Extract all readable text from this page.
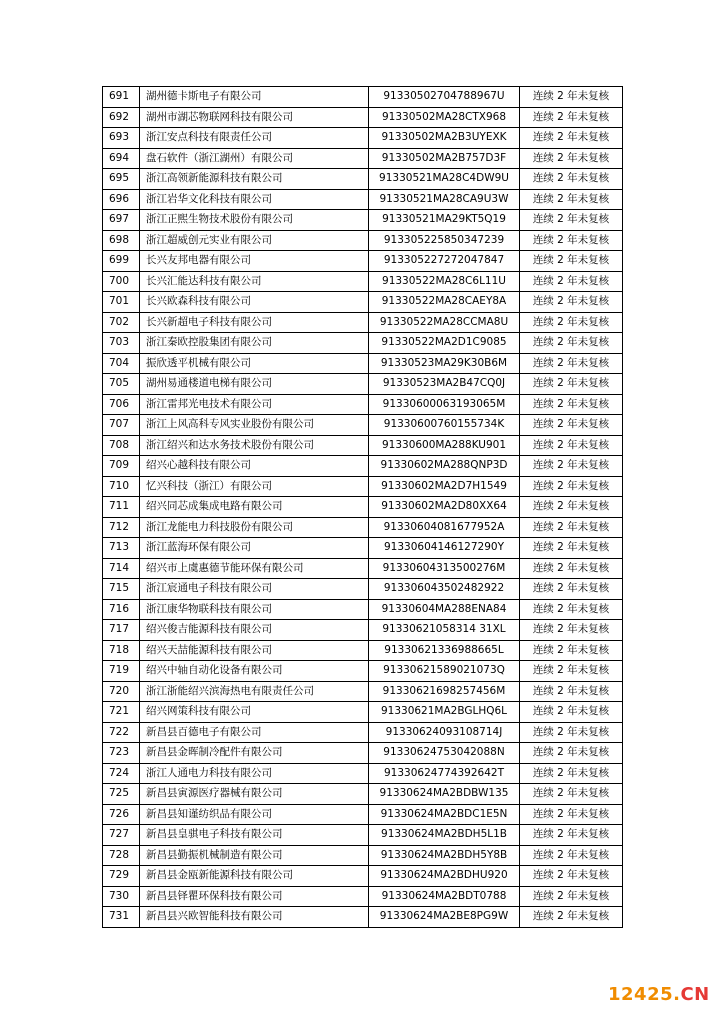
691	湖州德卡斯电子有限公司	91330502704788967U	连续 2 年未复核
692	湖州市湖芯物联网科技有限公司	91330502MA28CTX968	连续 2 年未复核
693	浙江安点科技有限责任公司	91330502MA2B3UYEXK	连续 2 年未复核
694	盘石软件（浙江湖州）有限公司	91330502MA2B757D3F	连续 2 年未复核
695	浙江高领新能源科技有限公司	91330521MA28C4DW9U	连续 2 年未复核
696	浙江岩华文化科技有限公司	91330521MA28CA9U3W	连续 2 年未复核
697	浙江正熙生物技术股份有限公司	91330521MA29KT5Q19	连续 2 年未复核
698	浙江超威创元实业有限公司	913305225850347239	连续 2 年未复核
699	长兴友邦电器有限公司	913305227272047847	连续 2 年未复核
700	长兴汇能达科技有限公司	91330522MA28C6L11U	连续 2 年未复核
701	长兴欧森科技有限公司	91330522MA28CAEY8A	连续 2 年未复核
702	长兴新超电子科技有限公司	91330522MA28CCMA8U	连续 2 年未复核
703	浙江秦欧控股集团有限公司	91330522MA2D1C9085	连续 2 年未复核
704	振欣透平机械有限公司	91330523MA29K30B6M	连续 2 年未复核
705	湖州易通楼道电梯有限公司	91330523MA2B47CQ0J	连续 2 年未复核
706	浙江雷邦光电技术有限公司	91330600063193065M	连续 2 年未复核
707	浙江上风高科专风实业股份有限公司	91330600760155734K	连续 2 年未复核
708	浙江绍兴和达水务技术股份有限公司	91330600MA288KU901	连续 2 年未复核
709	绍兴心越科技有限公司	91330602MA288QNP3D	连续 2 年未复核
710	忆兴科技（浙江）有限公司	91330602MA2D7H1549	连续 2 年未复核
711	绍兴同芯成集成电路有限公司	91330602MA2D80XX64	连续 2 年未复核
712	浙江龙能电力科技股份有限公司	91330604081677952A	连续 2 年未复核
713	浙江蓝海环保有限公司	91330604146127290Y	连续 2 年未复核
714	绍兴市上虞惠德节能环保有限公司	91330604313500276M	连续 2 年未复核
715	浙江宸通电子科技有限公司	913306043502482922	连续 2 年未复核
716	浙江康华物联科技有限公司	91330604MA288ENA84	连续 2 年未复核
717	绍兴俊吉能源科技有限公司	91330621058314 31XL	连续 2 年未复核
718	绍兴天喆能源科技有限公司	91330621336988665L	连续 2 年未复核
719	绍兴中轴自动化设备有限公司	91330621589021073Q	连续 2 年未复核
720	浙江浙能绍兴滨海热电有限责任公司	91330621698257456M	连续 2 年未复核
721	绍兴网策科技有限公司	91330621MA2BGLHQ6L	连续 2 年未复核
722	新昌县百德电子有限公司	91330624093108714J	连续 2 年未复核
723	新昌县金晖制冷配件有限公司	91330624753042088N	连续 2 年未复核
724	浙江人通电力科技有限公司	91330624774392642T	连续 2 年未复核
725	新昌县寅源医疗器械有限公司	91330624MA2BDBW135	连续 2 年未复核
726	新昌县知谨纺织品有限公司	91330624MA2BDC1E5N	连续 2 年未复核
727	新昌县皇骐电子科技有限公司	91330624MA2BDH5L1B	连续 2 年未复核
728	新昌县勤振机械制造有限公司	91330624MA2BDH5Y8B	连续 2 年未复核
729	新昌县金瓯新能源科技有限公司	91330624MA2BDHU920	连续 2 年未复核
730	新昌县铎瞿环保科技有限公司	91330624MA2BDT0788	连续 2 年未复核
731	新昌县兴欧智能科技有限公司	91330624MA2BE8PG9W	连续 2 年未复核
12425.CN
